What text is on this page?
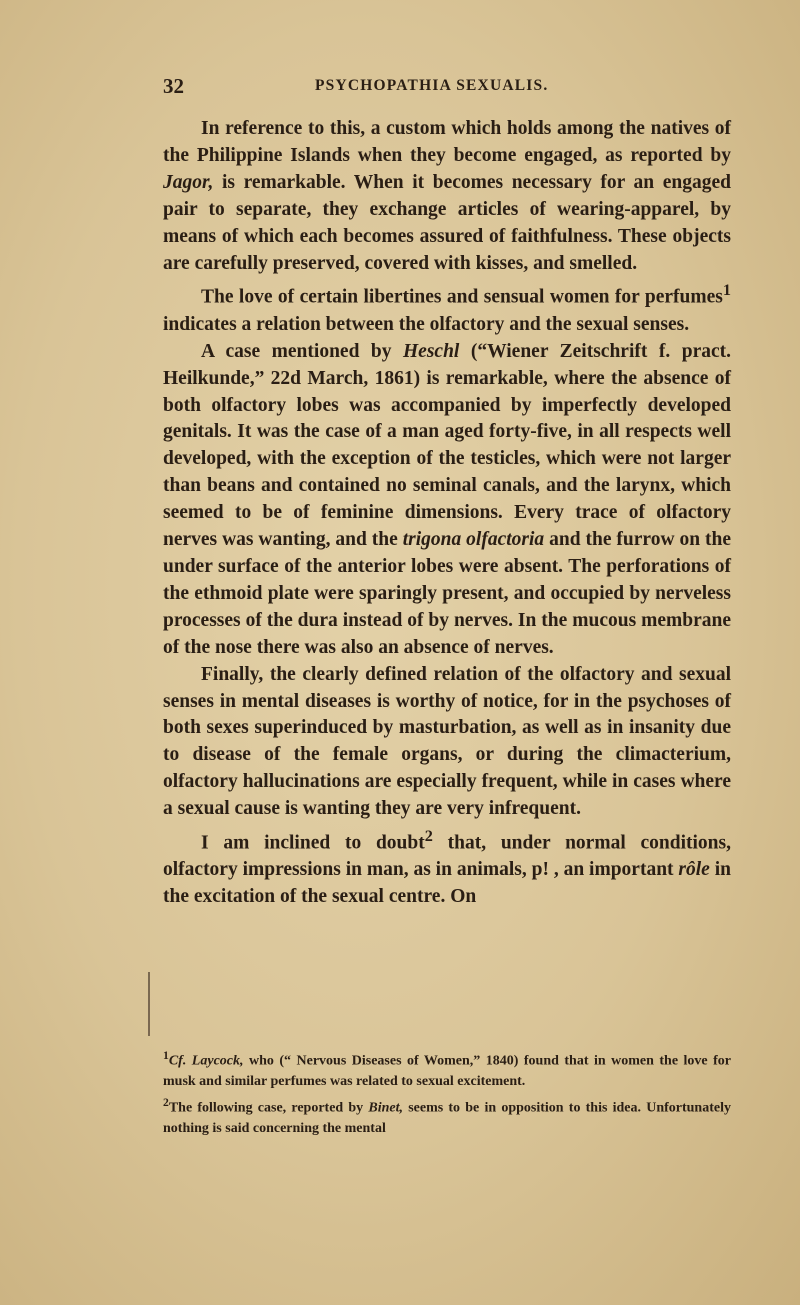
32	PSYCHOPATHIA SEXUALIS.

In reference to this, a custom which holds among the natives of the Philippine Islands when they become engaged, as reported by Jagor, is remarkable. When it becomes necessary for an engaged pair to separate, they exchange articles of wearing-apparel, by means of which each becomes assured of faithfulness. These objects are carefully preserved, covered with kisses, and smelled.

The love of certain libertines and sensual women for perfumes$^1$ indicates a relation between the olfactory and the sexual senses.

A case mentioned by Heschl (“Wiener Zeitschrift f. pract. Heilkunde,” 22d March, 1861) is remarkable, where the absence of both olfactory lobes was accompanied by imperfectly developed genitals. It was the case of a man aged forty-five, in all respects well developed, with the exception of the testicles, which were not larger than beans and contained no seminal canals, and the larynx, which seemed to be of feminine dimensions. Every trace of olfactory nerves was wanting, and the trigona olfactoria and the furrow on the under surface of the anterior lobes were absent. The perforations of the ethmoid plate were sparingly present, and occupied by nerveless processes of the dura instead of by nerves. In the mucous membrane of the nose there was also an absence of nerves.

Finally, the clearly defined relation of the olfactory and sexual senses in mental diseases is worthy of notice, for in the psychoses of both sexes superinduced by masturbation, as well as in insanity due to disease of the female organs, or during the climacterium, olfactory hallucinations are especially frequent, while in cases where a sexual cause is wanting they are very infrequent.

I am inclined to doubt$^2$ that, under normal conditions, olfactory impressions in man, as in animals, p! , an important rôle in the excitation of the sexual centre. On

$^1$Cf. Laycock, who (“ Nervous Diseases of Women,” 1840) found that in women the love for musk and similar perfumes was related to sexual excitement.

$^2$The following case, reported by Binet, seems to be in opposition to this idea. Unfortunately nothing is said concerning the mental
